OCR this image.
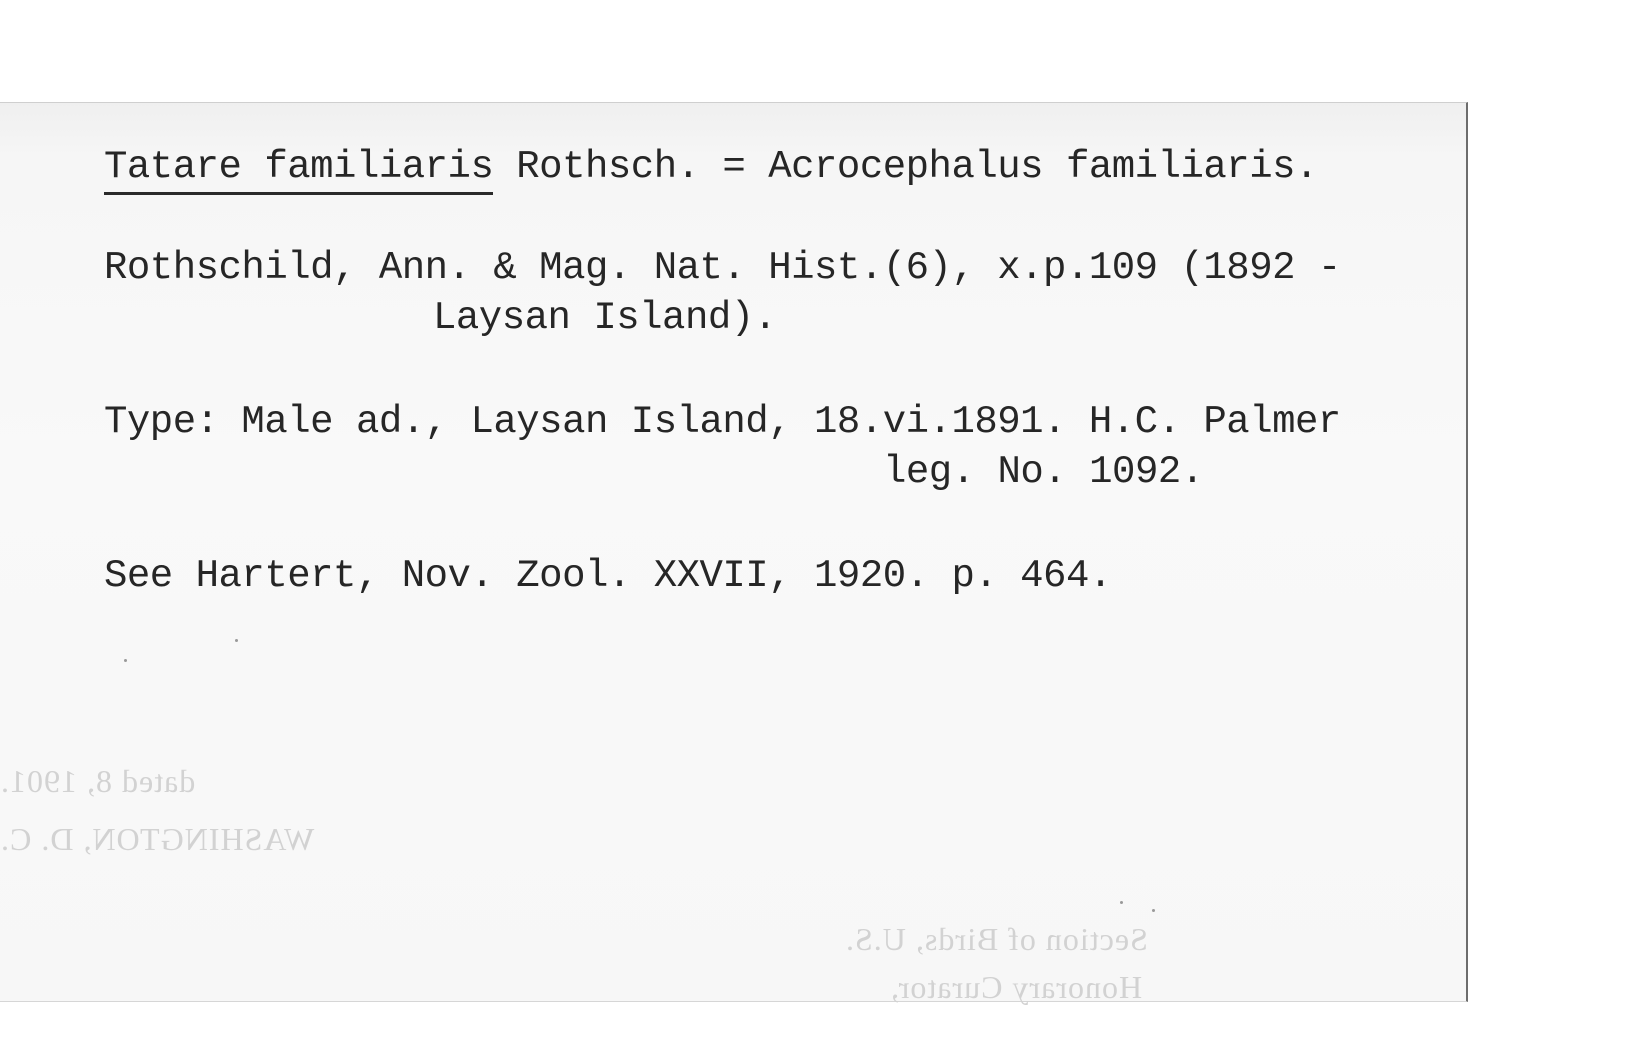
Tatare familiaris Rothsch. = Acrocephalus familiaris.
Rothschild, Ann. & Mag. Nat. Hist.(6), x.p.109 (1892 -
Laysan Island).
Type: Male ad., Laysan Island, 18.vi.1891. H.C. Palmer
leg. No. 1092.
See Hartert, Nov. Zool. XXVII, 1920. p. 464.
dated 8, 1901.
WASHINGTON, D. C.
Section of Birds, U.S.
Honorary Curator,
